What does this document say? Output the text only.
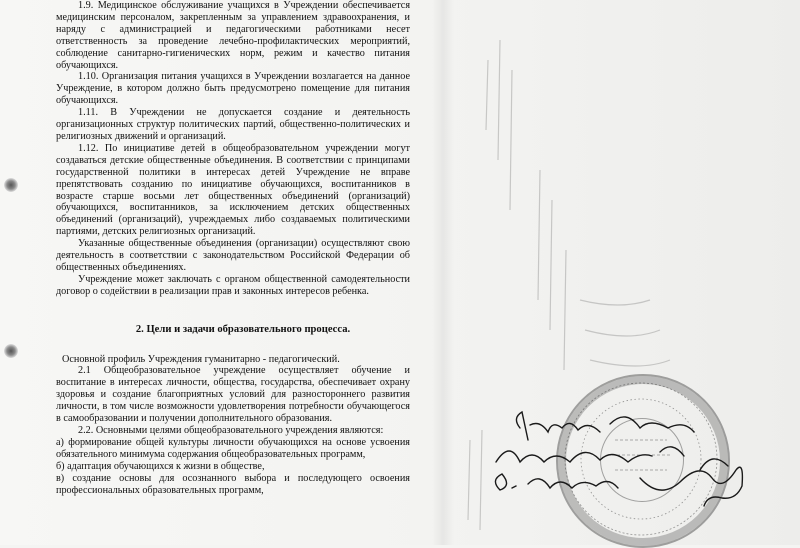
1.9. Медицинское обслуживание учащихся в Учреждении обеспечивается медицинским персоналом, закрепленным за управлением здравоохранения, и наряду с администрацией и педагогическими работниками несет ответственность за проведение лечебно-профилактических мероприятий, соблюдение санитарно-гигиенических норм, режим и качество питания обучающихся.

1.10. Организация питания учащихся в Учреждении возлагается на данное Учреждение, в котором должно быть предусмотрено помещение для питания обучающихся.

1.11. В Учреждении не допускается создание и деятельность организационных структур политических партий, общественно-политических и религиозных движений и организаций.

1.12. По инициативе детей в общеобразовательном учреждении могут создаваться детские общественные объединения. В соответствии с принципами государственной политики в интересах детей Учреждение не вправе препятствовать созданию по инициативе обучающихся, воспитанников в возрасте старше восьми лет общественных объединений (организаций) обучающихся, воспитанников, за исключением детских общественных объединений (организаций), учреждаемых либо создаваемых политическими партиями, детских религиозных организаций.

Указанные общественные объединения (организации) осуществляют свою деятельность в соответствии с законодательством Российской Федерации об общественных объединениях.

Учреждение может заключать с органом общественной самодеятельности договор о содействии в реализации прав и законных интересов ребенка.

2. Цели и задачи образовательного процесса.

Основной профиль Учреждения гуманитарно - педагогический.

2.1 Общеобразовательное учреждение осуществляет обучение и воспитание в интересах личности, общества, государства, обеспечивает охрану здоровья и создание благоприятных условий для разностороннего развития личности, в том числе возможности удовлетворения потребности обучающегося в самообразовании и получении дополнительного образования.

2.2. Основными целями общеобразовательного учреждения являются:

а) формирование общей культуры личности обучающихся на основе усвоения обязательного минимума содержания общеобразовательных программ,

б) адаптация обучающихся к жизни в обществе,

в) создание основы для осознанного выбора и последующего освоения профессиональных образовательных программ,
